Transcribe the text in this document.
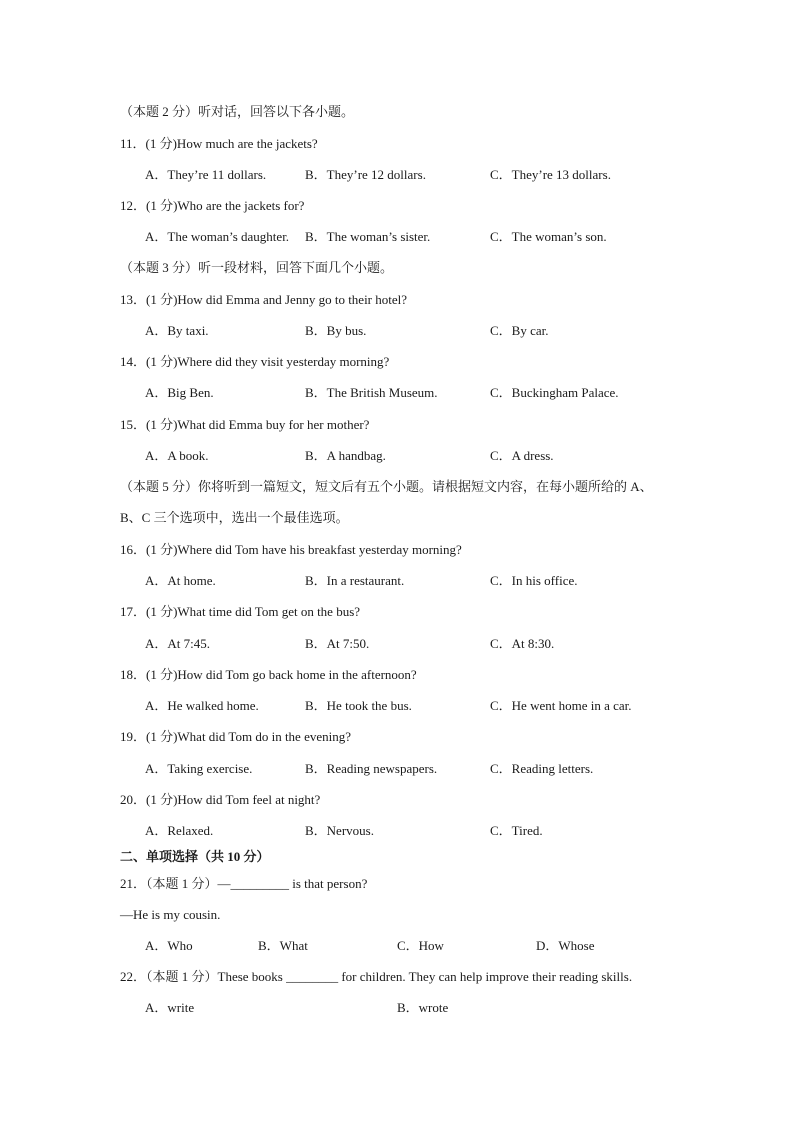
（本题 2 分）听对话，回答以下各小题。
11．(1 分)How much are the jackets?
A．They’re 11 dollars.	B．They’re 12 dollars.	C．They’re 13 dollars.
12．(1 分)Who are the jackets for?
A．The woman’s daughter. B．The woman’s sister.	C．The woman’s son.
（本题 3 分）听一段材料，回答下面几个小题。
13．(1 分)How did Emma and Jenny go to their hotel?
A．By taxi.	B．By bus.	C．By car.
14．(1 分)Where did they visit yesterday morning?
A．Big Ben.	B．The British Museum.	C．Buckingham Palace.
15．(1 分)What did Emma buy for her mother?
A．A book.	B．A handbag.	C．A dress.
（本题 5 分）你将听到一篇短文，短文后有五个小题。请根据短文内容，在每小题所给的 A、
B、C 三个选项中，选出一个最佳选项。
16．(1 分)Where did Tom have his breakfast yesterday morning?
A．At home.	B．In a restaurant.	C．In his office.
17．(1 分)What time did Tom get on the bus?
A．At 7:45.	B．At 7:50.	C．At 8:30.
18．(1 分)How did Tom go back home in the afternoon?
A．He walked home.	B．He took the bus.	C．He went home in a car.
19．(1 分)What did Tom do in the evening?
A．Taking exercise.	B．Reading newspapers.	C．Reading letters.
20．(1 分)How did Tom feel at night?
A．Relaxed.	B．Nervous.	C．Tired.
二、单项选择（共 10 分）
21．（本题 1 分）—_________ is that person?
—He is my cousin.
A．Who	B．What	C．How	D．Whose
22．（本题 1 分）These books ________ for children. They can help improve their reading skills.
A．write	B．wrote
